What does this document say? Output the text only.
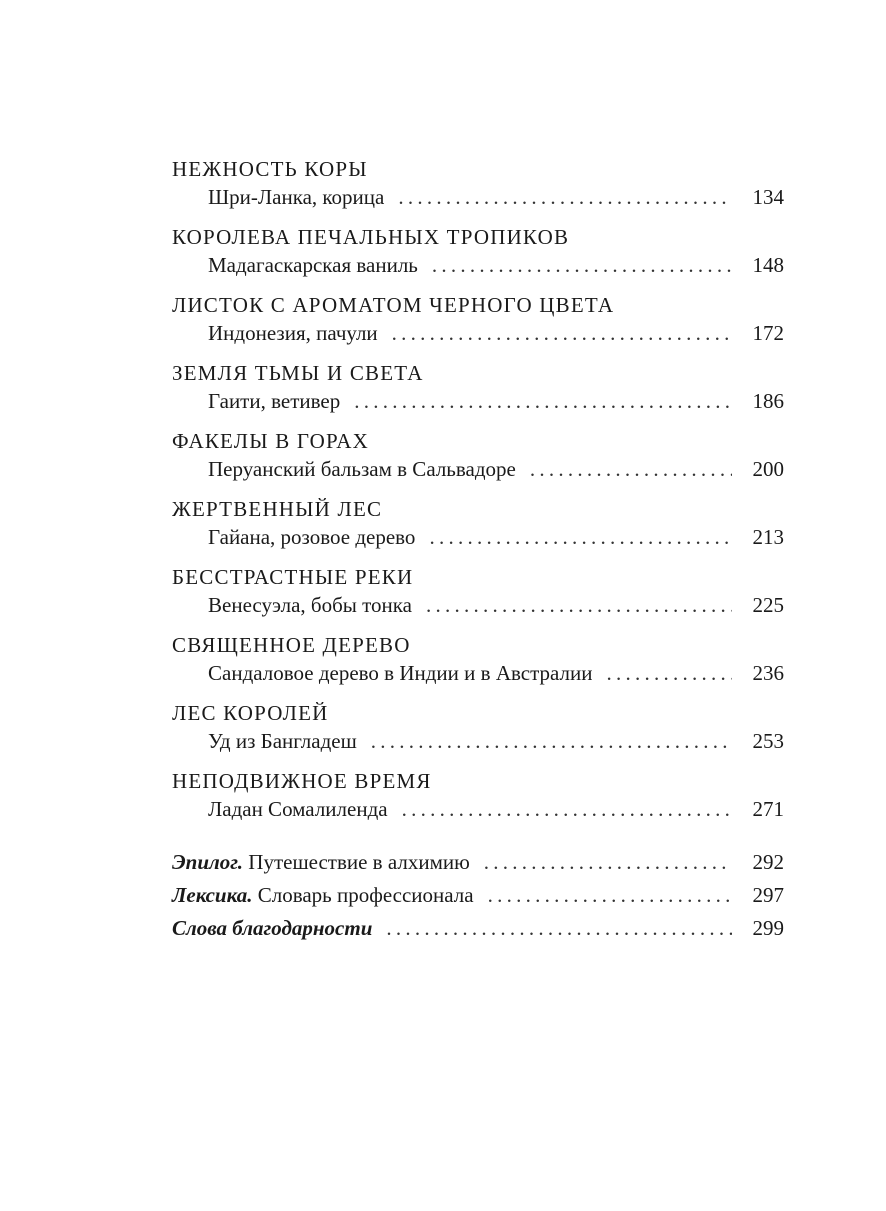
НЕЖНОСТЬ КОРЫ
Шри-Ланка, корица . . .	134
КОРОЛЕВА ПЕЧАЛЬНЫХ ТРОПИКОВ
Мадагаскарская ваниль . . .	148
ЛИСТОК С АРОМАТОМ ЧЕРНОГО ЦВЕТА
Индонезия, пачули . . .	172
ЗЕМЛЯ ТЬМЫ И СВЕТА
Гаити, ветивер . . .	186
ФАКЕЛЫ В ГОРАХ
Перуанский бальзам в Сальвадоре . . .	200
ЖЕРТВЕННЫЙ ЛЕС
Гайана, розовое дерево . . .	213
БЕССТРАСТНЫЕ РЕКИ
Венесуэла, бобы тонка . . .	225
СВЯЩЕННОЕ ДЕРЕВО
Сандаловое дерево в Индии и в Австралии . . .	236
ЛЕС КОРОЛЕЙ
Уд из Бангладеш . . .	253
НЕПОДВИЖНОЕ ВРЕМЯ
Ладан Сомалиленда . . .	271
Эпилог. Путешествие в алхимию . . .	292
Лексика. Словарь профессионала . . .	297
Слова благодарности . . .	299
